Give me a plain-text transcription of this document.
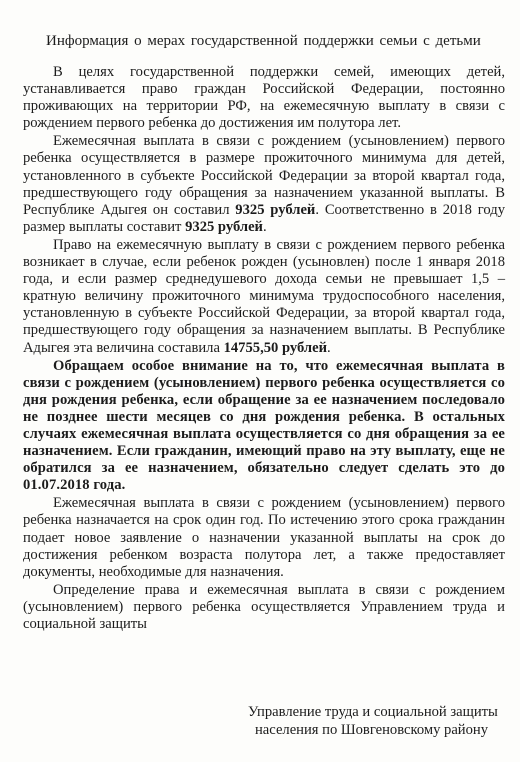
Информация о мерах государственной поддержки семьи с детьми

В целях государственной поддержки семей, имеющих детей, устанавливается право граждан Российской Федерации, постоянно проживающих на территории РФ, на ежемесячную выплату в связи с рождением первого ребенка до достижения им полутора лет.

Ежемесячная выплата в связи с рождением (усыновлением) первого ребенка осуществляется в размере прожиточного минимума для детей, установленного в субъекте Российской Федерации за второй квартал года, предшествующего году обращения за назначением указанной выплаты. В Республике Адыгея он составил 9325 рублей. Соответственно в 2018 году размер выплаты составит 9325 рублей.

Право на ежемесячную выплату в связи с рождением первого ребенка возникает в случае, если ребенок рожден (усыновлен) после 1 января 2018 года, и если размер среднедушевого дохода семьи не превышает 1,5 – кратную величину прожиточного минимума трудоспособного населения, установленную в субъекте Российской Федерации, за второй квартал года, предшествующего году обращения за назначением выплаты. В Республике Адыгея эта величина составила 14755,50 рублей.

Обращаем особое внимание на то, что ежемесячная выплата в связи с рождением (усыновлением) первого ребенка осуществляется со дня рождения ребенка, если обращение за ее назначением последовало не позднее шести месяцев со дня рождения ребенка. В остальных случаях ежемесячная выплата осуществляется со дня обращения за ее назначением. Если гражданин, имеющий право на эту выплату, еще не обратился за ее назначением, обязательно следует сделать это до 01.07.2018 года.

Ежемесячная выплата в связи с рождением (усыновлением) первого ребенка назначается на срок один год. По истечению этого срока гражданин подает новое заявление о назначении указанной выплаты на срок до достижения ребенком возраста полутора лет, а также предоставляет документы, необходимые для назначения.

Определение права и ежемесячная выплата в связи с рождением (усыновлением) первого ребенка осуществляется Управлением труда и социальной защиты

Управление труда и социальной защиты
населения по Шовгеновскому району
